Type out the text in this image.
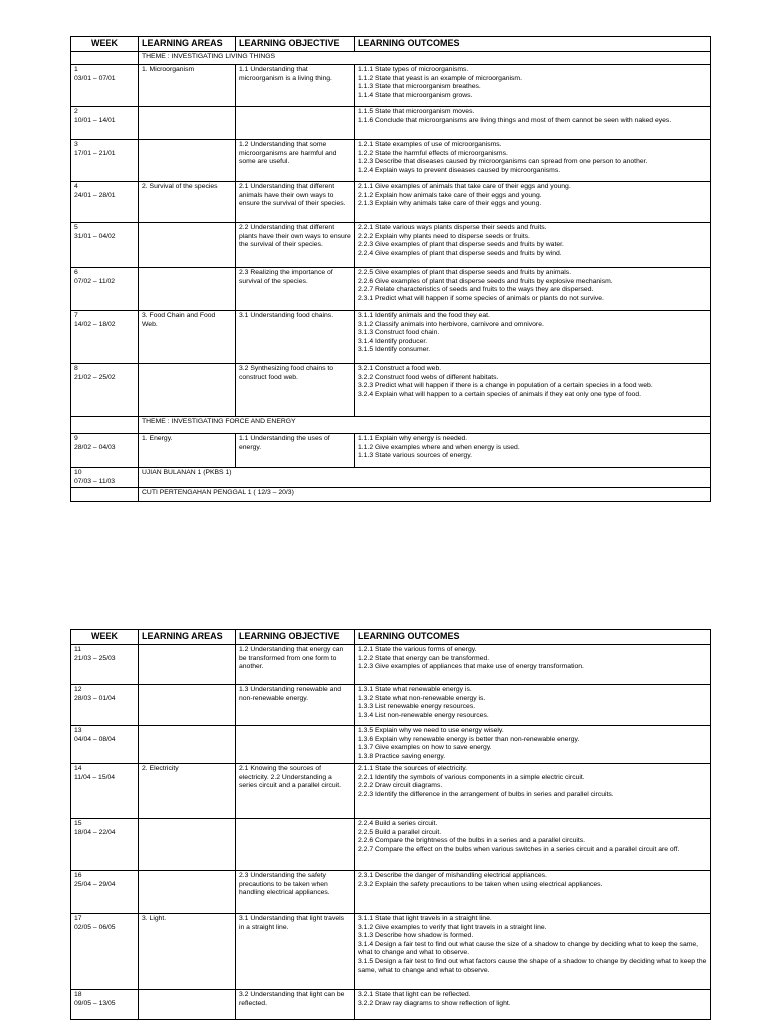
WEEK	LEARNING AREAS	LEARNING OBJECTIVE	LEARNING OUTCOMES
	THEME : INVESTIGATING LIVING THINGS		
1
03/01 – 07/01	1. Microorganism	1.1 Understanding that microorganism is a living thing.	1.1.1 State types of microorganisms.
1.1.2 State that yeast is an example of microorganism.
1.1.3 State that microorganism breathes.
1.1.4 State that microorganism grows.

2
10/01 – 14/01			1.1.5 State that microorganism moves.
1.1.6 Conclude that microorganisms are living things and most of them cannot be seen with naked eyes.

3
17/01 – 21/01		1.2 Understanding that some microorganisms are harmful and some are useful.	1.2.1 State examples of use of microorganisms.
1.2.2 State the harmful effects of microorganisms.
1.2.3 Describe that diseases caused by microorganisms can spread from one person to another.
1.2.4 Explain ways to prevent diseases caused by microorganisms.

4
24/01 – 28/01	2. Survival of the species	2.1 Understanding that different animals have their own ways to ensure the survival of their species.	2.1.1 Give examples of animals that take care of their eggs and young.
2.1.2 Explain how animals take care of their eggs and young.
2.1.3 Explain why animals take care of their eggs and young.

5
31/01 – 04/02		2.2 Understanding that different plants have their own ways to ensure the survival of their species.	2.2.1 State various ways plants disperse their seeds and fruits.
2.2.2 Explain why plants need to disperse seeds or fruits.
2.2.3 Give examples of plant that disperse seeds and fruits by water.
2.2.4 Give examples of plant that disperse seeds and fruits by wind.

6
07/02 – 11/02		2.3 Realizing the importance of survival of the species.	2.2.5 Give examples of plant that disperse seeds and fruits by animals.
2.2.6 Give examples of plant that disperse seeds and fruits by explosive mechanism.
2.2.7 Relate characteristics of seeds and fruits to the ways they are dispersed.
2.3.1 Predict what will happen if some species of animals or plants do not survive.

7
14/02 – 18/02	3. Food Chain and Food Web.	3.1 Understanding food chains.	3.1.1 Identify animals and the food they eat.
3.1.2 Classify animals into herbivore, carnivore and omnivore.
3.1.3 Construct food chain.
3.1.4 Identify producer.
3.1.5 Identify consumer.

8
21/02 – 25/02		3.2 Synthesizing food chains to construct food web.	3.2.1 Construct a food web.
3.2.2 Construct food webs of different habitats.
3.2.3 Predict what will happen if there is a change in population of a certain species in a food web.
3.2.4 Explain what will happen to a certain species of animals if they eat only one type of food.

	THEME : INVESTIGATING FORCE AND ENERGY		
9
28/02 – 04/03	1. Energy.	1.1 Understanding the uses of energy.	1.1.1 Explain why energy is needed.
1.1.2 Give examples where and when energy is used.
1.1.3 State various sources of energy.

10
07/03 – 11/03	UJIAN BULANAN 1 (PKBS 1)		
	CUTI PERTENGAHAN PENGGAL 1 ( 12/3 – 20/3)		
WEEK	LEARNING AREAS	LEARNING OBJECTIVE	LEARNING OUTCOMES
11
21/03 – 25/03		1.2 Understanding that energy can be transformed from one form to another.	1.2.1 State the various forms of energy.
1.2.2 State that energy can be transformed.
1.2.3 Give examples of appliances that make use of energy transformation.

12
28/03 – 01/04		1.3 Understanding renewable and non-renewable energy.	1.3.1 State what renewable energy is.
1.3.2 State what non-renewable energy is.
1.3.3 List renewable energy resources.
1.3.4 List non-renewable energy resources.

13
04/04 – 08/04			1.3.5 Explain why we need to use energy wisely.
1.3.6 Explain why renewable energy is better than non-renewable energy.
1.3.7 Give examples on how to save energy.
1.3.8 Practice saving energy.

14
11/04 – 15/04	2. Electricity	2.1 Knowing the sources of electricity. 2.2 Understanding a series circuit and a parallel circuit.	2.1.1 State the sources of electricity.
2.2.1 Identify the symbols of various components in a simple electric circuit.
2.2.2 Draw circuit diagrams.
2.2.3 Identify the difference in the arrangement of bulbs in series and parallel circuits.

15
18/04 – 22/04			2.2.4 Build a series circuit.
2.2.5 Build a parallel circuit.
2.2.6 Compare the brightness of the bulbs in a series and a parallel circuits.
2.2.7 Compare the effect on the bulbs when various switches in a series circuit and a parallel circuit are off.

16
25/04 – 29/04		2.3 Understanding the safety precautions to be taken when handling electrical appliances.	2.3.1 Describe the danger of mishandling electrical appliances.
2.3.2 Explain the safety precautions to be taken when using electrical appliances.

17
02/05 – 06/05	3. Light.	3.1 Understanding that light travels in a straight line.	3.1.1 State that light travels in a straight line.
3.1.2 Give examples to verify that light travels in a straight line.
3.1.3 Describe how shadow is formed.
3.1.4 Design a fair test to find out what cause the size of a shadow to change by deciding what to keep the same, what to change and what to observe.
3.1.5 Design a fair test to find out what factors cause the shape of a shadow to change by deciding what to keep the same, what to change and what to observe.

18
09/05 – 13/05		3.2 Understanding that light can be reflected.	3.2.1 State that light can be reflected.
3.2.2 Draw ray diagrams to show reflection of light.
